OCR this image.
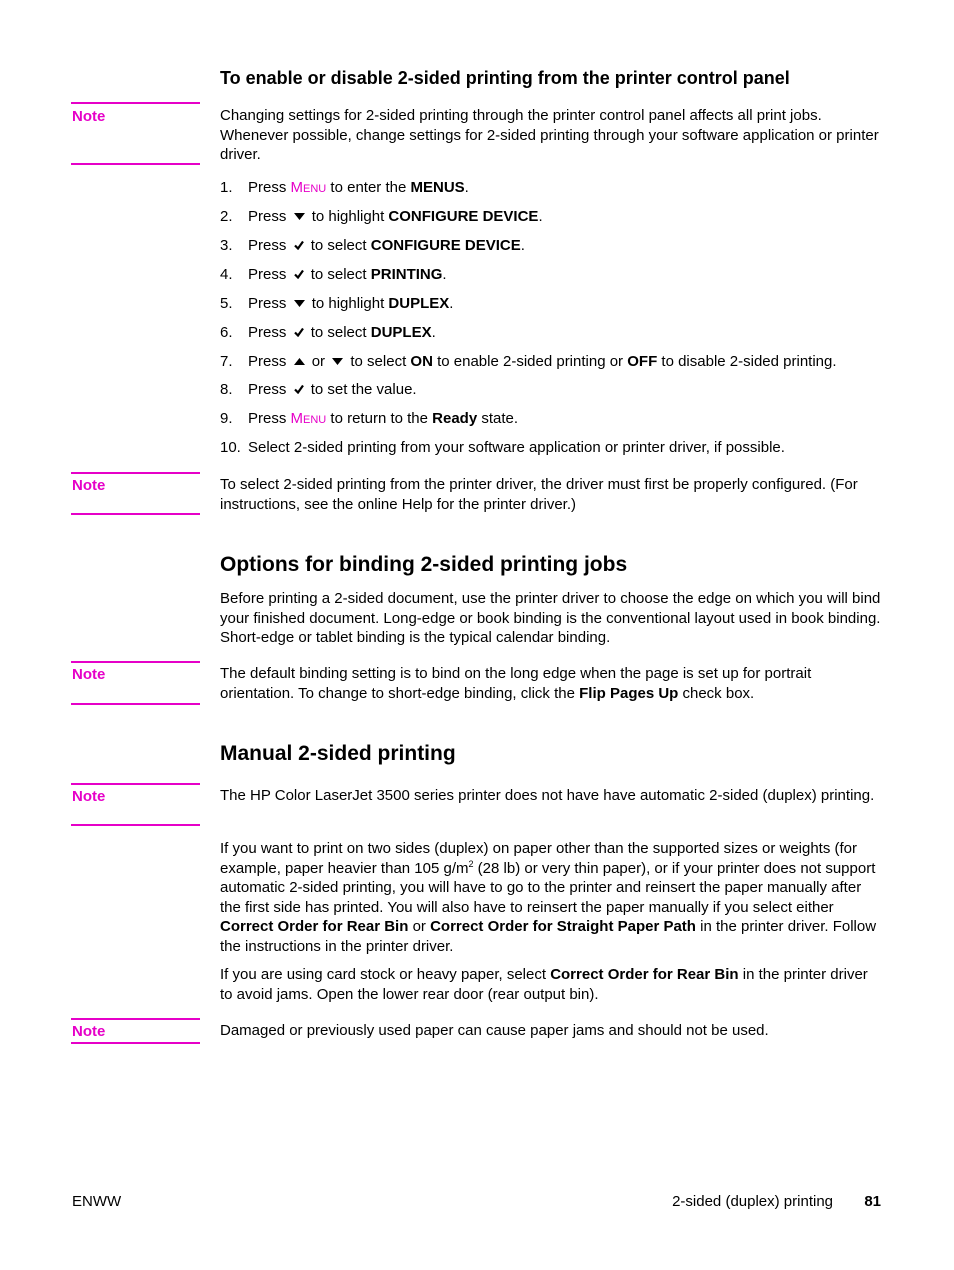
To enable or disable 2-sided printing from the printer control panel
Note	Changing settings for 2-sided printing through the printer control panel affects all print jobs. Whenever possible, change settings for 2-sided printing through your software application or printer driver.
1. Press Menu to enter the MENUS.
2. Press to highlight CONFIGURE DEVICE.
3. Press to select CONFIGURE DEVICE.
4. Press to select PRINTING.
5. Press to highlight DUPLEX.
6. Press to select DUPLEX.
7. Press or to select ON to enable 2-sided printing or OFF to disable 2-sided printing.
8. Press to set the value.
9. Press Menu to return to the Ready state.
10. Select 2-sided printing from your software application or printer driver, if possible.
Note	To select 2-sided printing from the printer driver, the driver must first be properly configured. (For instructions, see the online Help for the printer driver.)
Options for binding 2-sided printing jobs
Before printing a 2-sided document, use the printer driver to choose the edge on which you will bind your finished document. Long-edge or book binding is the conventional layout used in book binding. Short-edge or tablet binding is the typical calendar binding.
Note	The default binding setting is to bind on the long edge when the page is set up for portrait orientation. To change to short-edge binding, click the Flip Pages Up check box.
Manual 2-sided printing
Note	The HP Color LaserJet 3500 series printer does not have have automatic 2-sided (duplex) printing.
If you want to print on two sides (duplex) on paper other than the supported sizes or weights (for example, paper heavier than 105 $g/m^2$ (28 lb) or very thin paper), or if your printer does not support automatic 2-sided printing, you will have to go to the printer and reinsert the paper manually after the first side has printed. You will also have to reinsert the paper manually if you select either Correct Order for Rear Bin or Correct Order for Straight Paper Path in the printer driver. Follow the instructions in the printer driver.
If you are using card stock or heavy paper, select Correct Order for Rear Bin in the printer driver to avoid jams. Open the lower rear door (rear output bin).
Note	Damaged or previously used paper can cause paper jams and should not be used.
ENWW	2-sided (duplex) printing	81
